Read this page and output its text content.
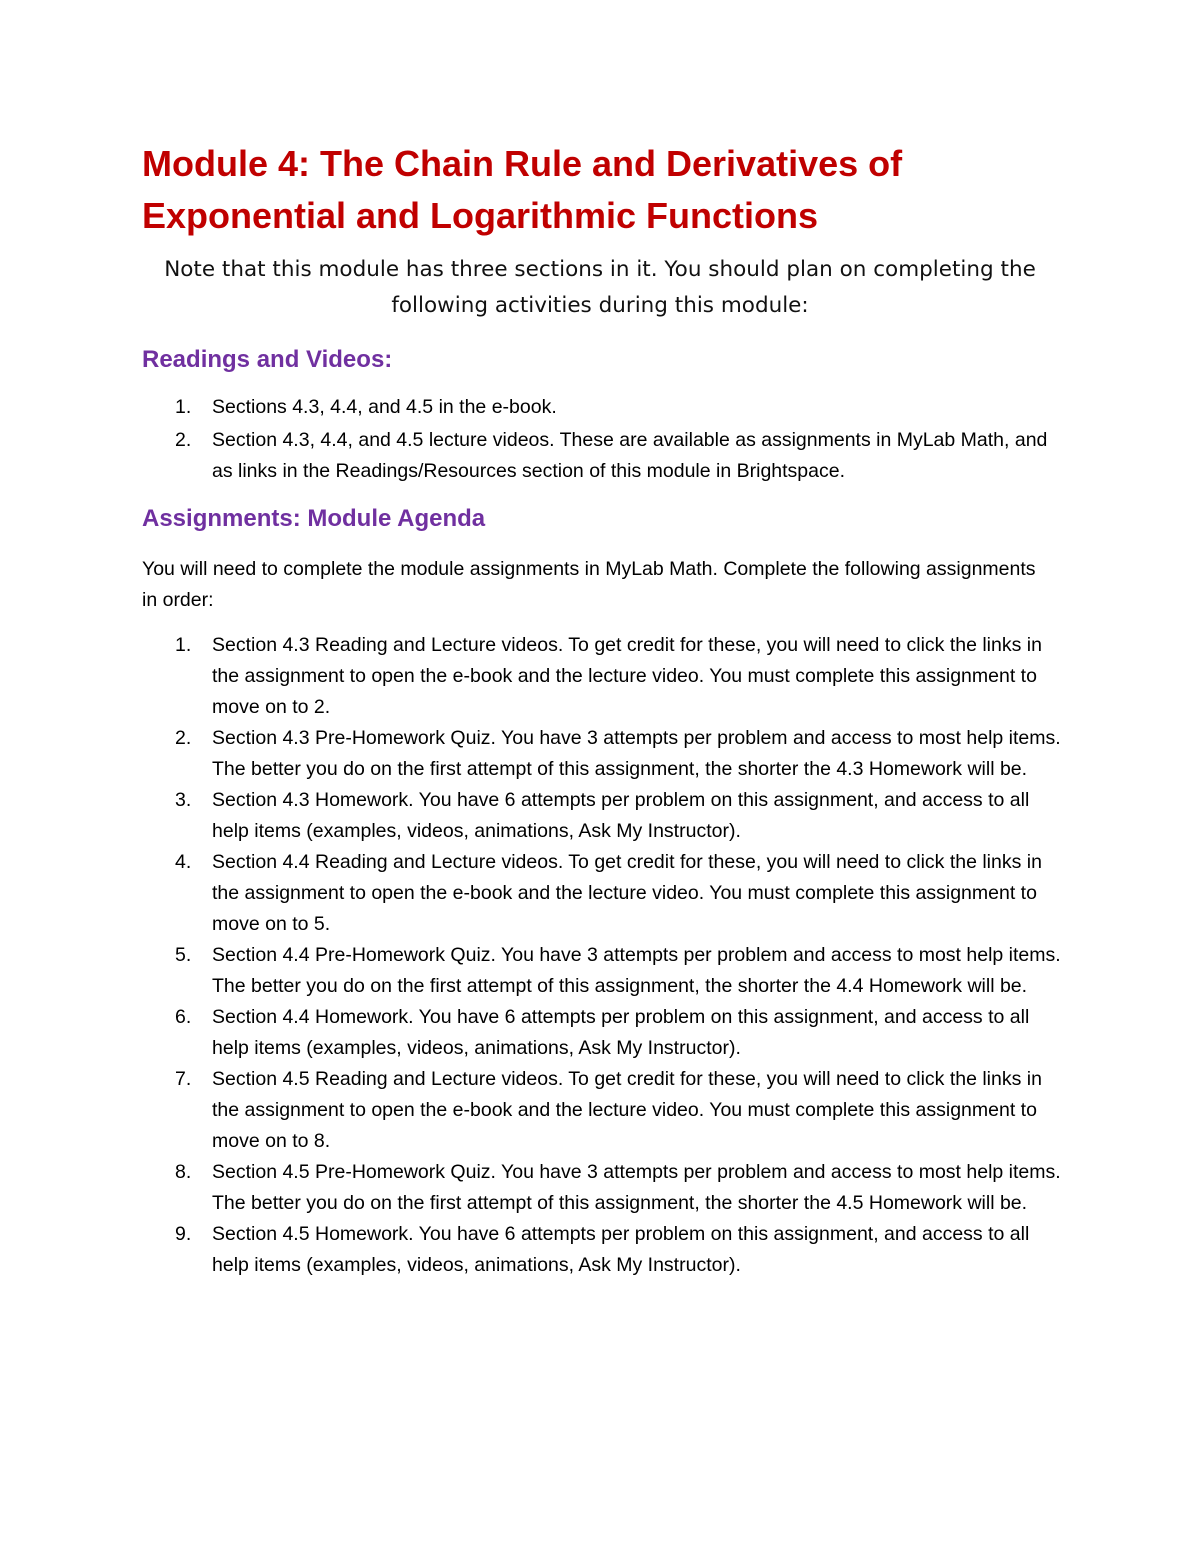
Module 4: The Chain Rule and Derivatives of Exponential and Logarithmic Functions

Note that this module has three sections in it. You should plan on completing the following activities during this module:

Readings and Videos:
1. Sections 4.3, 4.4, and 4.5 in the e-book.
2. Section 4.3, 4.4, and 4.5 lecture videos. These are available as assignments in MyLab Math, and as links in the Readings/Resources section of this module in Brightspace.
Assignments: Module Agenda

You will need to complete the module assignments in MyLab Math. Complete the following assignments in order:

1. Section 4.3 Reading and Lecture videos. To get credit for these, you will need to click the links in the assignment to open the e-book and the lecture video. You must complete this assignment to move on to 2.
2. Section 4.3 Pre-Homework Quiz. You have 3 attempts per problem and access to most help items. The better you do on the first attempt of this assignment, the shorter the 4.3 Homework will be.
3. Section 4.3 Homework. You have 6 attempts per problem on this assignment, and access to all help items (examples, videos, animations, Ask My Instructor).
4. Section 4.4 Reading and Lecture videos. To get credit for these, you will need to click the links in the assignment to open the e-book and the lecture video. You must complete this assignment to move on to 5.
5. Section 4.4 Pre-Homework Quiz. You have 3 attempts per problem and access to most help items. The better you do on the first attempt of this assignment, the shorter the 4.4 Homework will be.
6. Section 4.4 Homework. You have 6 attempts per problem on this assignment, and access to all help items (examples, videos, animations, Ask My Instructor).
7. Section 4.5 Reading and Lecture videos. To get credit for these, you will need to click the links in the assignment to open the e-book and the lecture video. You must complete this assignment to move on to 8.
8. Section 4.5 Pre-Homework Quiz. You have 3 attempts per problem and access to most help items. The better you do on the first attempt of this assignment, the shorter the 4.5 Homework will be.
9. Section 4.5 Homework. You have 6 attempts per problem on this assignment, and access to all help items (examples, videos, animations, Ask My Instructor).
